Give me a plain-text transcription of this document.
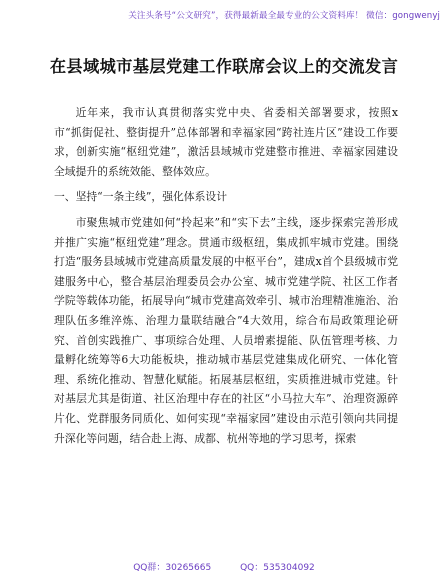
关注头条号“公文研究”，获得最新最全最专业的公文资料库！ 微信：gongwenyj
在县域城市基层党建工作联席会议上的交流发言

近年来，我市认真贯彻落实党中央、省委相关部署要求，按照x市“抓街促社、整街提升”总体部署和幸福家园“跨社连片区”建设工作要求，创新实施“枢纽党建”，激活县域城市党建整市推进、幸福家园建设全域提升的系统效能、整体效应。

一、坚持“一条主线”，强化体系设计

市聚焦城市党建如何“拎起来”和“实下去”主线，逐步探索完善形成并推广实施“枢纽党建”理念。贯通市级枢纽，集成抓牢城市党建。围绕打造“服务县域城市党建高质量发展的中枢平台”，建成x首个县级城市党建服务中心，整合基层治理委员会办公室、城市党建学院、社区工作者学院等载体功能，拓展导向“城市党建高效牵引、城市治理精准施治、治理队伍多维淬炼、治理力量联结融合”4大效用，综合布局政策理论研究、首创实践推广、事项综合处理、人员增素提能、队伍管理考核、力量孵化统筹等6大功能板块，推动城市基层党建集成化研究、一体化管理、系统化推动、智慧化赋能。拓展基层枢纽，实质推进城市党建。针对基层尤其是街道、社区治理中存在的社区“小马拉大车”、治理资源碎片化、党群服务同质化、如何实现“幸福家园”建设由示范引领向共同提升深化等问题，结合赴上海、成都、杭州等地的学习思考，探索

QQ群：30265665	QQ：535304092
